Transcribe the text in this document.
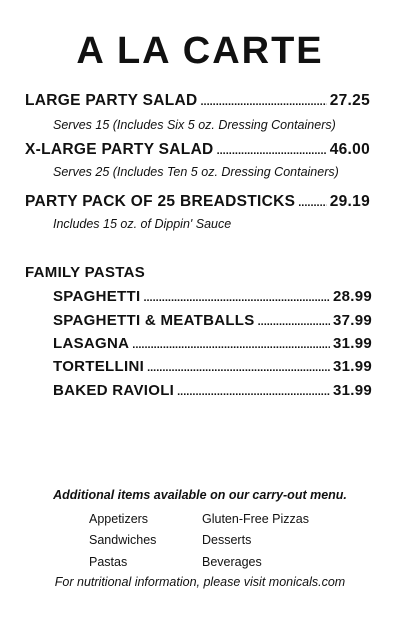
A LA CARTE
LARGE PARTY SALAD .....	27.25
Serves 15 (Includes Six 5 oz. Dressing Containers)
X-LARGE PARTY SALAD .....	46.00
Serves 25 (Includes Ten 5 oz. Dressing Containers)
PARTY PACK OF 25 BREADSTICKS ..... 29.19
Includes 15 oz. of Dippin' Sauce
FAMILY PASTAS
SPAGHETTI .....	28.99
SPAGHETTI & MEATBALLS .....	37.99
LASAGNA .....	31.99
TORTELLINI .....	31.99
BAKED RAVIOLI .....	31.99
Additional items available on our carry-out menu.
Appetizers	Gluten-Free Pizzas
Sandwiches	Desserts
Pastas	Beverages
For nutritional information, please visit monicals.com
